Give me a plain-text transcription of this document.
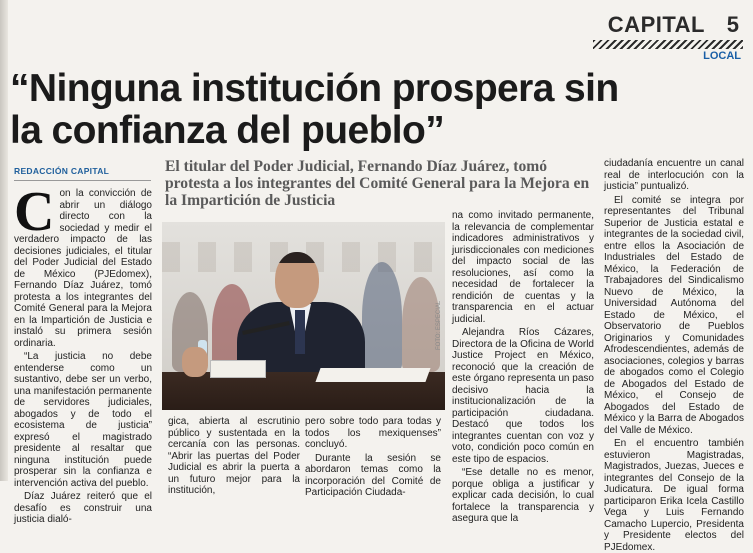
CAPITAL 5
LOCAL
“Ninguna institución prospera sin la confianza del pueblo”
REDACCIÓN CAPITAL	El titular del Poder Judicial, Fernando Díaz Juárez, tomó protesta a los integrantes del Comité General para la Mejora en la Impartición de Justicia
C on la convicción de abrir un diálogo directo con la sociedad y medir el verdadero impacto de las decisiones judiciales, el titular del Poder Judicial del Estado de México (PJEdomex), Fernando Díaz Juárez, tomó protesta a los integrantes del Comité General para la Mejora en la Impartición de Justicia e instaló su primera sesión ordinaria.

“La justicia no debe entenderse como un sustantivo, debe ser un verbo, una manifestación permanente de servidores judiciales, abogados y de todo el ecosistema de justicia” expresó el magistrado presidente al resaltar que ninguna institución puede prosperar sin la confianza e intervención activa del pueblo.

Díaz Juárez reiteró que el desafío es construir una justicia dialó-

FOTO: ESPECIAL

gica, abierta al escrutinio público y sustentada en la cercanía con las personas. “Abrir las puertas del Poder Judicial es abrir la puerta a un futuro mejor para la institución,

pero sobre todo para todas y todos los mexiquenses” concluyó.

Durante la sesión se abordaron temas como la incorporación del Comité de Participación Ciudada-

na como invitado permanente, la relevancia de complementar indicadores administrativos y jurisdiccionales con mediciones del impacto social de las resoluciones, así como la necesidad de fortalecer la rendición de cuentas y la transparencia en el actuar judicial.

Alejandra Ríos Cázares, Directora de la Oficina de World Justice Project en México, reconoció que la creación de este órgano representa un paso decisivo hacia la institucionalización de la participación ciudadana. Destacó que todos los integrantes cuentan con voz y voto, condición poco común en este tipo de espacios.

“Ese detalle no es menor, porque obliga a justificar y explicar cada decisión, lo cual fortalece la transparencia y asegura que la

ciudadanía encuentre un canal real de interlocución con la justicia” puntualizó.

El comité se integra por representantes del Tribunal Superior de Justicia estatal e integrantes de la sociedad civil, entre ellos la Asociación de Industriales del Estado de México, la Federación de Trabajadores del Sindicalismo Nuevo de México, la Universidad Autónoma del Estado de México, el Observatorio de Pueblos Originarios y Comunidades Afrodescendientes, además de asociaciones, colegios y barras de abogados como el Colegio de Abogados del Estado de México, el Consejo de Abogados del Estado de México y la Barra de Abogados del Valle de México.

En el encuentro también estuvieron Magistradas, Magistrados, Juezas, Jueces e integrantes del Consejo de la Judicatura. De igual forma participaron Erika Icela Castillo Vega y Luis Fernando Camacho Lupercio, Presidenta y Presidente electos del PJEdomex.
